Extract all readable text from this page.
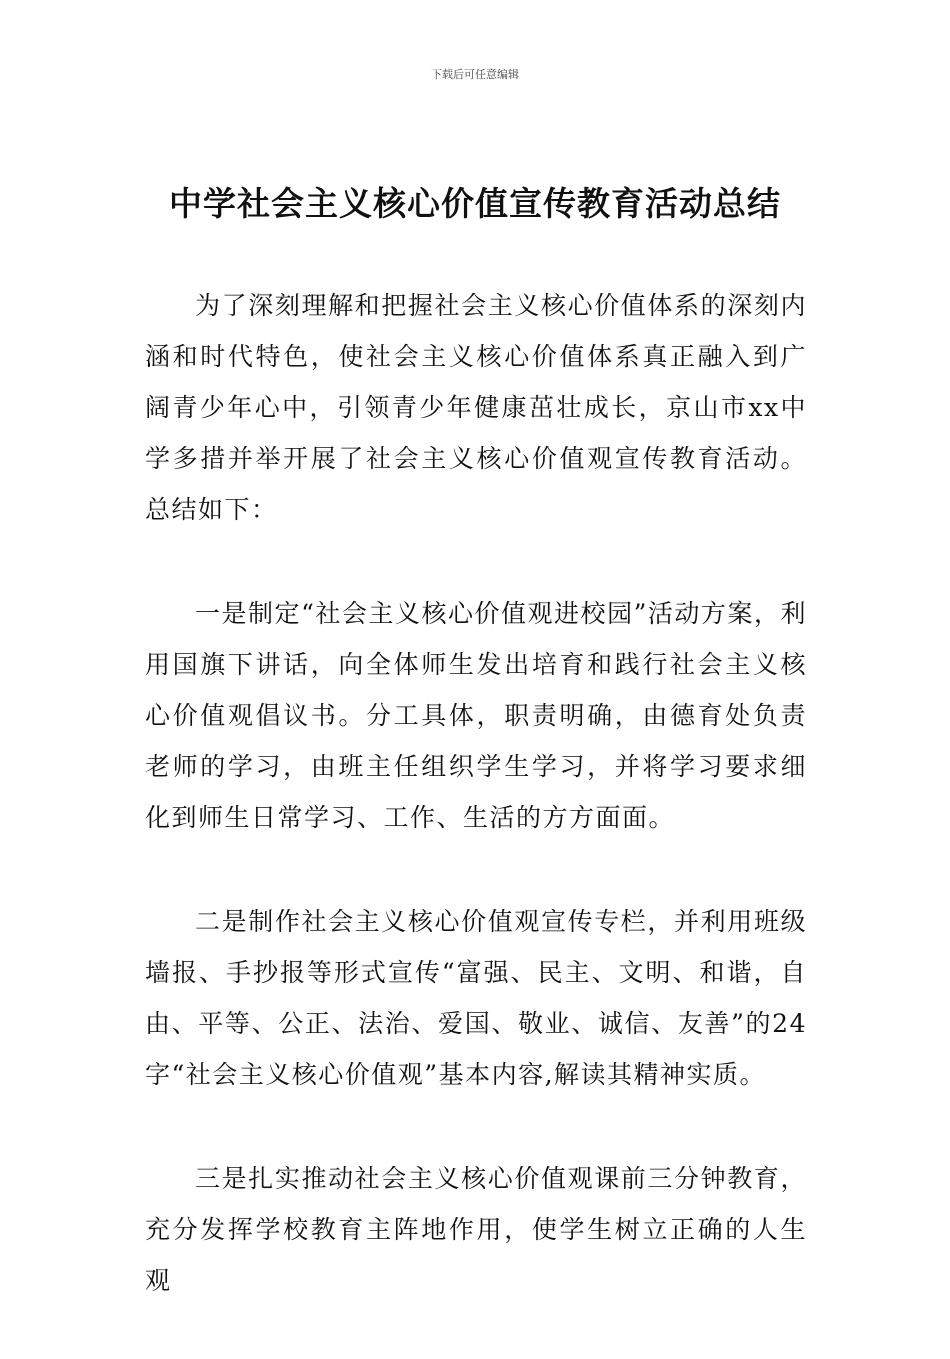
下载后可任意编辑
中学社会主义核心价值宣传教育活动总结

为了深刻理解和把握社会主义核心价值体系的深刻内涵和时代特色，使社会主义核心价值体系真正融入到广阔青少年心中，引领青少年健康茁壮成长，京山市xx中学多措并举开展了社会主义核心价值观宣传教育活动。总结如下：

一是制定“社会主义核心价值观进校园”活动方案，利用国旗下讲话，向全体师生发出培育和践行社会主义核心价值观倡议书。分工具体，职责明确，由德育处负责老师的学习，由班主任组织学生学习，并将学习要求细化到师生日常学习、工作、生活的方方面面。

二是制作社会主义核心价值观宣传专栏，并利用班级墙报、手抄报等形式宣传“富强、民主、文明、和谐，自由、平等、公正、法治、爱国、敬业、诚信、友善”的24字“社会主义核心价值观”基本内容,解读其精神实质。

三是扎实推动社会主义核心价值观课前三分钟教育，充分发挥学校教育主阵地作用，使学生树立正确的人生观
